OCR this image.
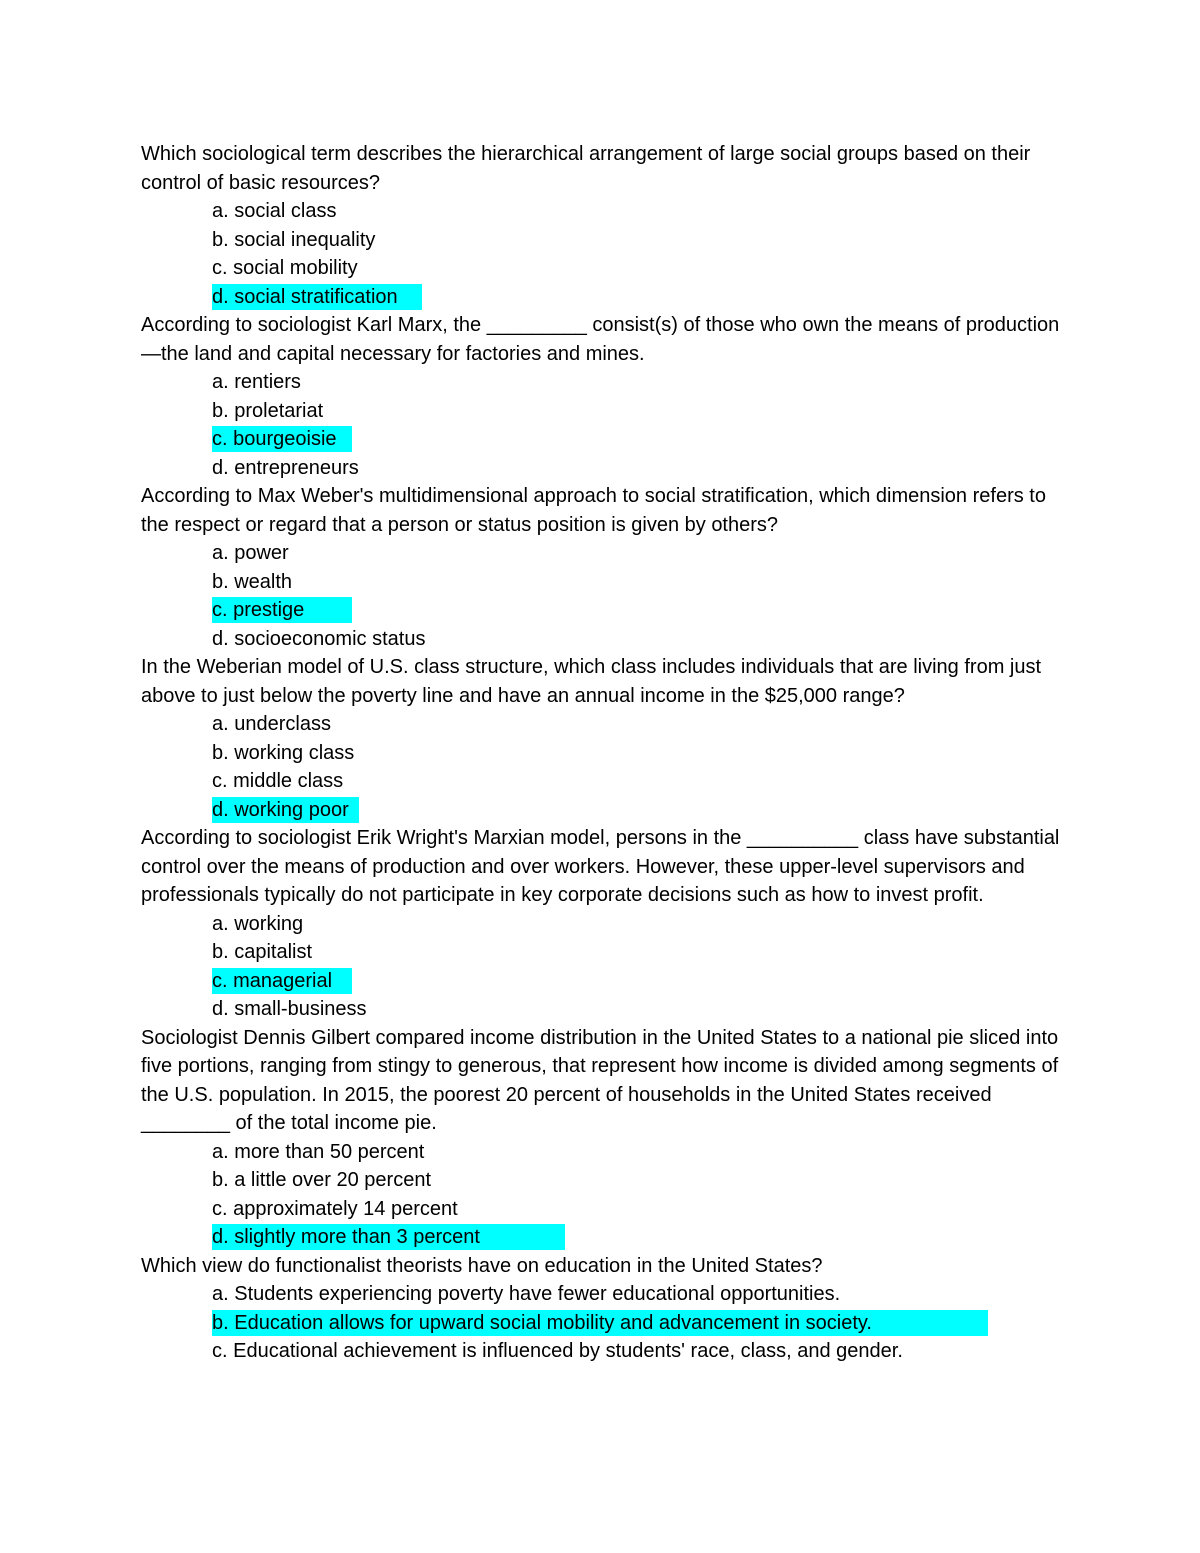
Which sociological term describes the hierarchical arrangement of large social groups based on their control of basic resources?

a. social class
b. social inequality
c. social mobility
d. social stratification

According to sociologist Karl Marx, the _________ consist(s) of those who own the means of production—the land and capital necessary for factories and mines.

a. rentiers
b. proletariat
c. bourgeoisie
d. entrepreneurs

According to Max Weber's multidimensional approach to social stratification, which dimension refers to the respect or regard that a person or status position is given by others?

a. power
b. wealth
c. prestige
d. socioeconomic status

In the Weberian model of U.S. class structure, which class includes individuals that are living from just above to just below the poverty line and have an annual income in the $25,000 range?

a. underclass
b. working class
c. middle class
d. working poor

According to sociologist Erik Wright's Marxian model, persons in the __________ class have substantial control over the means of production and over workers. However, these upper-level supervisors and professionals typically do not participate in key corporate decisions such as how to invest profit.

a. working
b. capitalist
c. managerial
d. small-business

Sociologist Dennis Gilbert compared income distribution in the United States to a national pie sliced into five portions, ranging from stingy to generous, that represent how income is divided among segments of the U.S. population. In 2015, the poorest 20 percent of households in the United States received ________ of the total income pie.

a. more than 50 percent
b. a little over 20 percent
c. approximately 14 percent
d. slightly more than 3 percent

Which view do functionalist theorists have on education in the United States?

a. Students experiencing poverty have fewer educational opportunities.
b. Education allows for upward social mobility and advancement in society.
c. Educational achievement is influenced by students' race, class, and gender.
